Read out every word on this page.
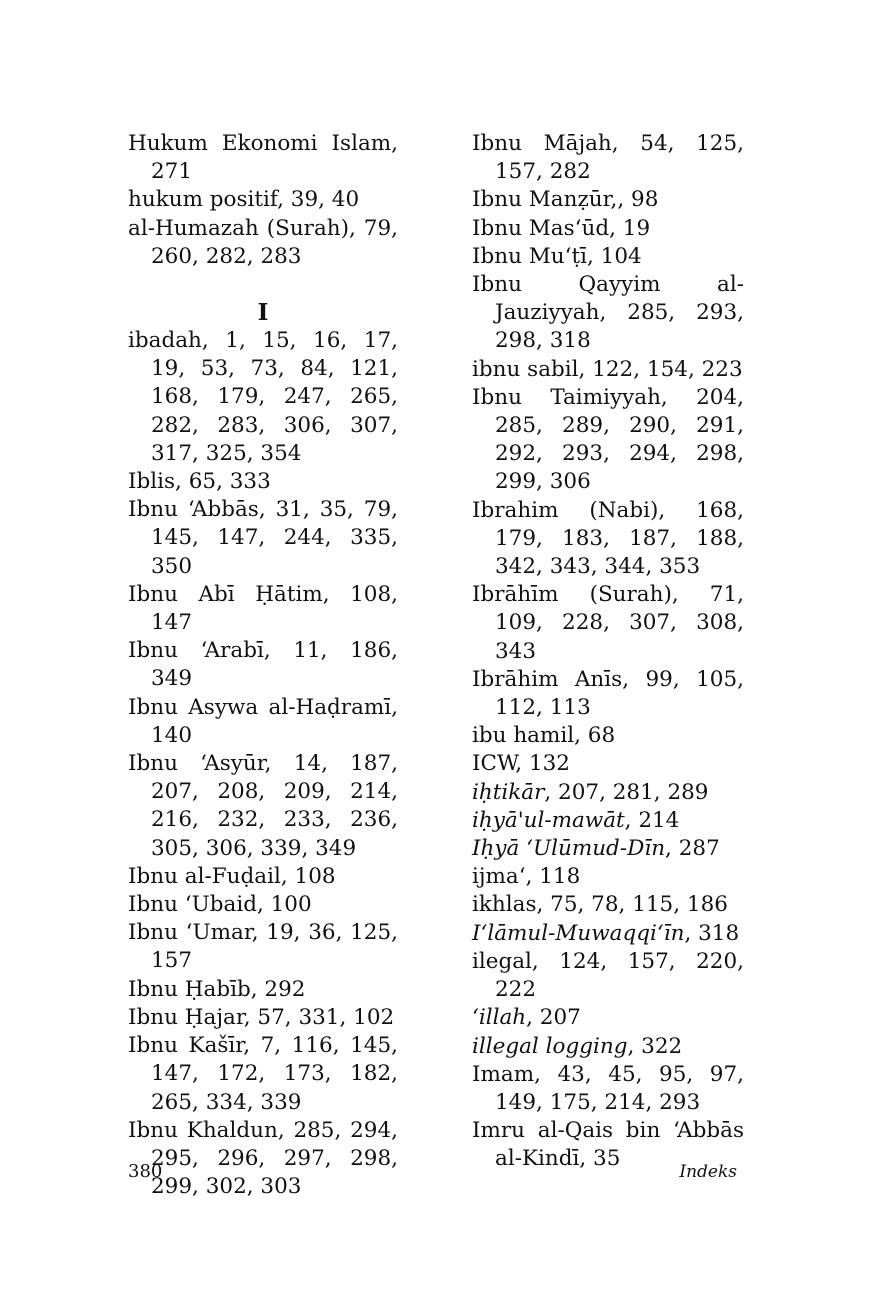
Hukum Ekonomi Islam, 271
hukum positif, 39, 40
al-Humazah (Surah), 79, 260, 282, 283
I
ibadah, 1, 15, 16, 17, 19, 53, 73, 84, 121, 168, 179, 247, 265, 282, 283, 306, 307, 317, 325, 354
Iblis, 65, 333
Ibnu ‘Abbās, 31, 35, 79, 145, 147, 244, 335, 350
Ibnu Abī Ḥātim, 108, 147
Ibnu ‘Arabī, 11, 186, 349
Ibnu Asywa al-Haḍramī, 140
Ibnu ‘Asyūr, 14, 187, 207, 208, 209, 214, 216, 232, 233, 236, 305, 306, 339, 349
Ibnu al-Fuḍail, 108
Ibnu ‘Ubaid, 100
Ibnu ‘Umar, 19, 36, 125, 157
Ibnu Ḥabīb, 292
Ibnu Ḥajar, 57, 331, 102
Ibnu Kašīr, 7, 116, 145, 147, 172, 173, 182, 265, 334, 339
Ibnu Khaldun, 285, 294, 295, 296, 297, 298, 299, 302, 303
Ibnu Mājah, 54, 125, 157, 282
Ibnu Manẓūr,, 98
Ibnu Mas‘ūd, 19
Ibnu Mu‘ṭī, 104
Ibnu Qayyim al-Jauziyyah, 285, 293, 298, 318
ibnu sabil, 122, 154, 223
Ibnu Taimiyyah, 204, 285, 289, 290, 291, 292, 293, 294, 298, 299, 306
Ibrahim (Nabi), 168, 179, 183, 187, 188, 342, 343, 344, 353
Ibrāhīm (Surah), 71, 109, 228, 307, 308, 343
Ibrāhim Anīs, 99, 105, 112, 113
ibu hamil, 68
ICW, 132
iḥtikār, 207, 281, 289
iḥyā'ul-mawāt, 214
Iḥyā ‘Ulūmud-Dīn, 287
ijma‘, 118
ikhlas, 75, 78, 115, 186
I‘lāmul-Muwaqqi‘īn, 318
ilegal, 124, 157, 220, 222
‘illah, 207
illegal logging, 322
Imam, 43, 45, 95, 97, 149, 175, 214, 293
Imru al-Qais bin ‘Abbās al-Kindī, 35
380	Indeks
